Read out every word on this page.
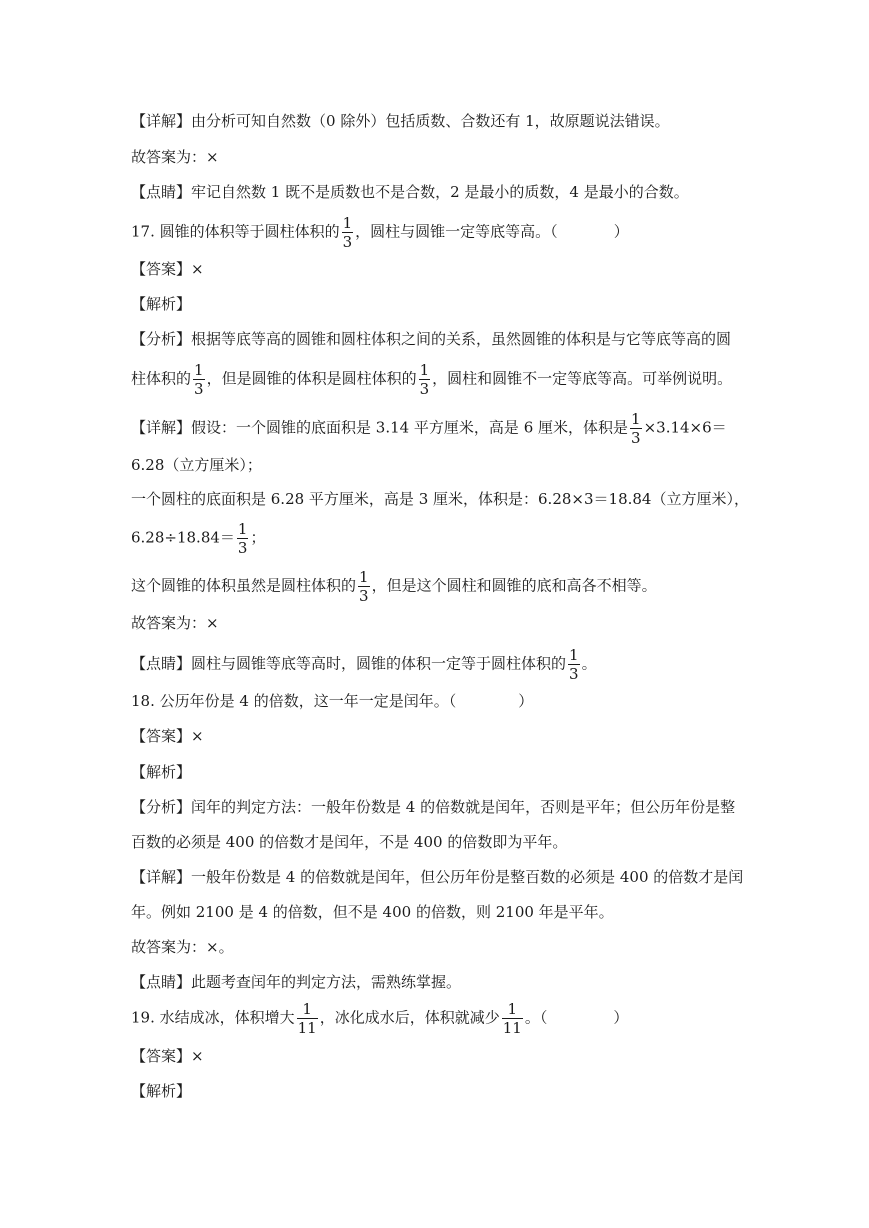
【详解】由分析可知自然数（0 除外）包括质数、合数还有 1，故原题说法错误。
故答案为：×
【点睛】牢记自然数 1 既不是质数也不是合数，2 是最小的质数，4 是最小的合数。
17. 圆锥的体积等于圆柱体积的 $\frac{1}{3}$ ，圆柱与圆锥一定等底等高。（	）
【答案】×
【解析】
【分析】根据等底等高的圆锥和圆柱体积之间的关系，虽然圆锥的体积是与它等底等高的圆
柱体积的 $\frac{1}{3}$ ，但是圆锥的体积是圆柱体积的 $\frac{1}{3}$ ，圆柱和圆锥不一定等底等高。可举例说明。
【详解】假设：一个圆锥的底面积是 3.14 平方厘米，高是 6 厘米，体积是 $\frac{1}{3} \times 3.14\times 6=$
6.28（立方厘米）；
一个圆柱的底面积是 6.28 平方厘米，高是 3 厘米，体积是：6.28×3＝18.84（立方厘米），
$6.28\div 18.84= \frac{1}{3}$ ；
这个圆锥的体积虽然是圆柱体积的 $\frac{1}{3}$ ，但是这个圆柱和圆锥的底和高各不相等。
故答案为：×
【点睛】圆柱与圆锥等底等高时，圆锥的体积一定等于圆柱体积的 $\frac{1}{3}$ 。
18. 公历年份是 4 的倍数，这一年一定是闰年。（	）
【答案】×
【解析】
【分析】闰年的判定方法：一般年份数是 4 的倍数就是闰年，否则是平年；但公历年份是整
百数的必须是 400 的倍数才是闰年，不是 400 的倍数即为平年。
【详解】一般年份数是 4 的倍数就是闰年，但公历年份是整百数的必须是 400 的倍数才是闰
年。例如 2100 是 4 的倍数，但不是 400 的倍数，则 2100 年是平年。
故答案为：×。
【点睛】此题考查闰年的判定方法，需熟练掌握。
19. 水结成冰，体积增大 $\frac{1}{11}$ ，冰化成水后，体积就减少 $\frac{1}{11}$ 。（	）
【答案】×
【解析】
